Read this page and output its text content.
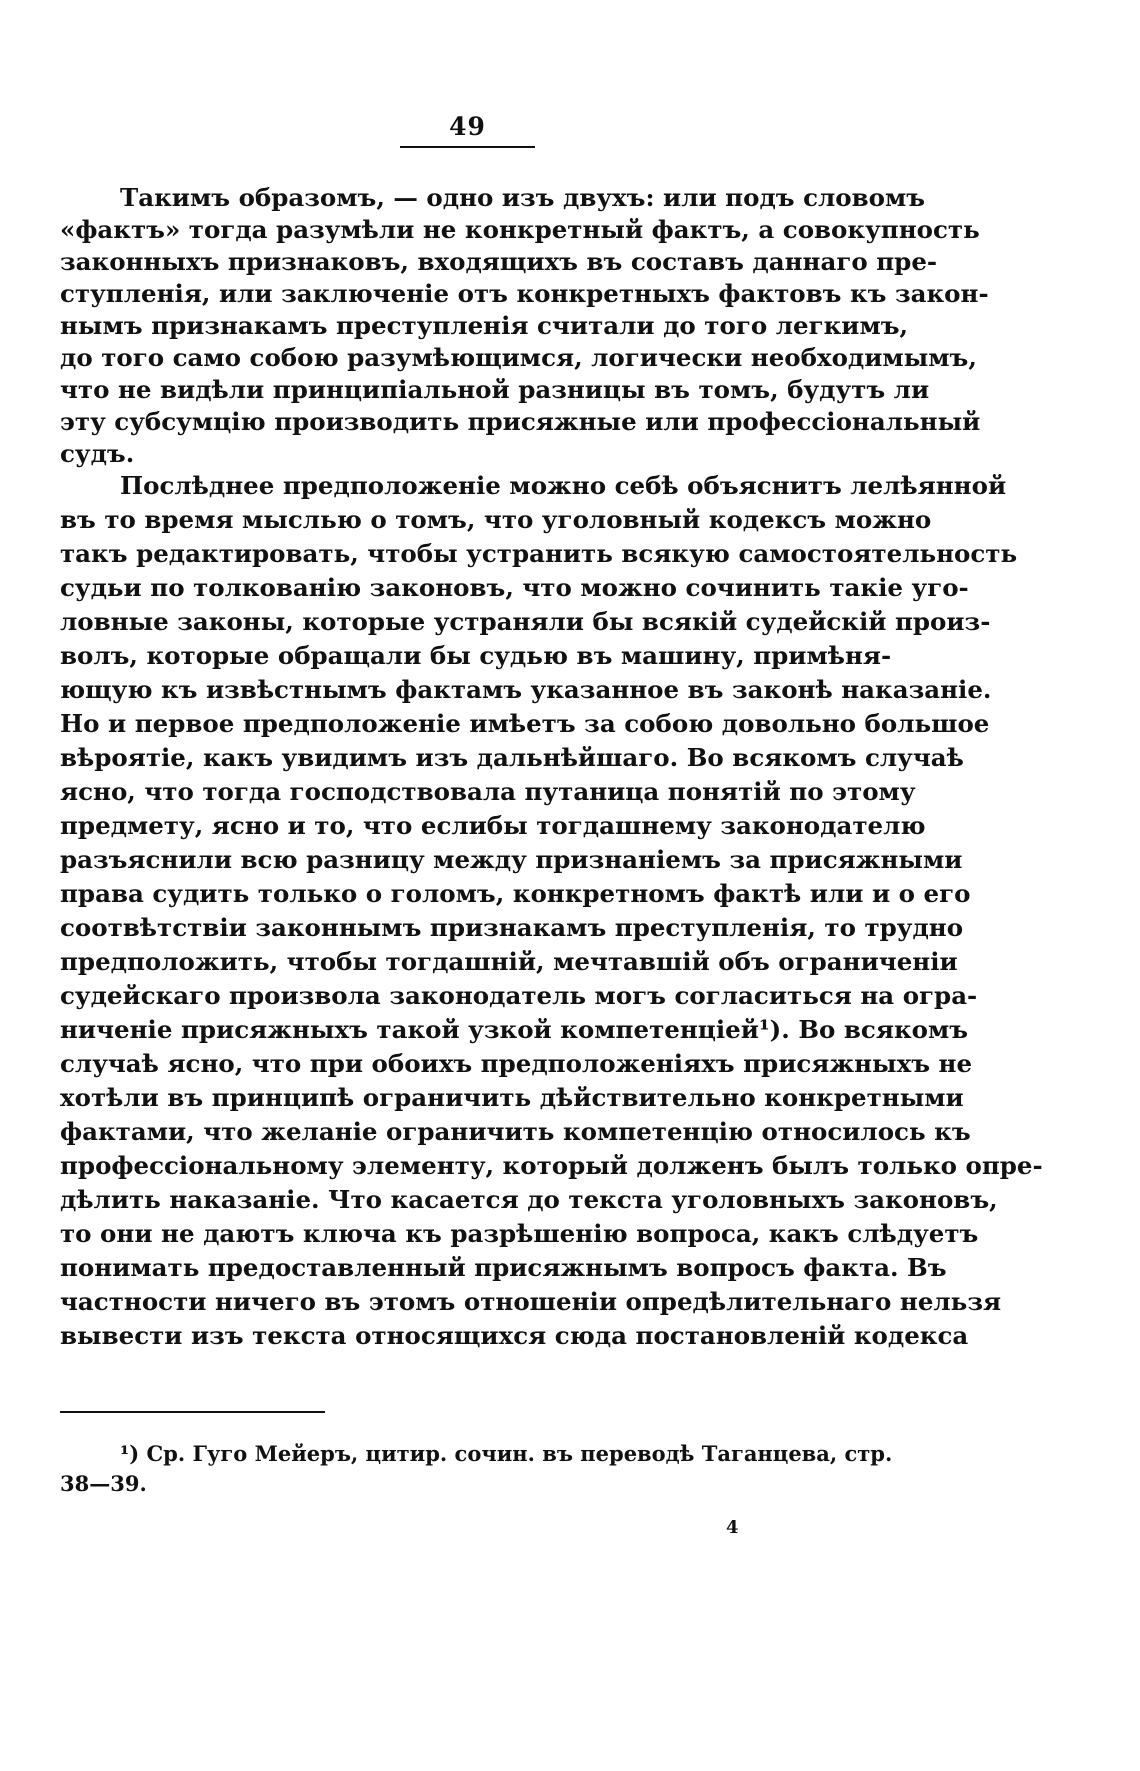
49
Такимъ образомъ, — одно изъ двухъ: или подъ словомъ
«фактъ» тогда разумѣли не конкретный фактъ, а совокупность
законныхъ признаковъ, входящихъ въ составъ даннаго пре-
ступленія, или заключеніе отъ конкретныхъ фактовъ къ закон-
нымъ признакамъ преступленія считали до того легкимъ,
до того само собою разумѣющимся, логически необходимымъ,
что не видѣли принципіальной разницы въ томъ, будутъ ли
эту субсумцію производить присяжные или профессіональный
судъ.
Послѣднее предположеніе можно себѣ объяснитъ лелѣянной
въ то время мыслью о томъ, что уголовный кодексъ можно
такъ редактировать, чтобы устранить всякую самостоятельность
судьи по толкованію законовъ, что можно сочинить такіе уго-
ловные законы, которые устраняли бы всякій судейскій произ-
волъ, которые обращали бы судью въ машину, примѣня-
ющую къ извѣстнымъ фактамъ указанное въ законѣ наказаніе.
Но и первое предположеніе имѣетъ за собою довольно большое
вѣроятіе, какъ увидимъ изъ дальнѣйшаго. Во всякомъ случаѣ
ясно, что тогда господствовала путаница понятій по этому
предмету, ясно и то, что еслибы тогдашнему законодателю
разъяснили всю разницу между признаніемъ за присяжными
права судить только о голомъ, конкретномъ фактѣ или и о его
соотвѣтствіи законнымъ признакамъ преступленія, то трудно
предположить, чтобы тогдашній, мечтавшій объ ограниченіи
судейскаго произвола законодатель могъ согласиться на огра-
ниченіе присяжныхъ такой узкой компетенціей¹). Во всякомъ
случаѣ ясно, что при обоихъ предположеніяхъ присяжныхъ не
хотѣли въ принципѣ ограничить дѣйствительно конкретными
фактами, что желаніе ограничить компетенцію относилось къ
профессіональному элементу, который долженъ былъ только опре-
дѣлить наказаніе. Что касается до текста уголовныхъ законовъ,
то они не даютъ ключа къ разрѣшенію вопроса, какъ слѣдуетъ
понимать предоставленный присяжнымъ вопросъ факта. Въ
частности ничего въ этомъ отношеніи опредѣлительнаго нельзя
вывести изъ текста относящихся сюда постановленій кодекса
¹) Ср. Гуго Мейеръ, цитир. сочин. въ переводѣ Таганцева, стр.
38—39.
4
